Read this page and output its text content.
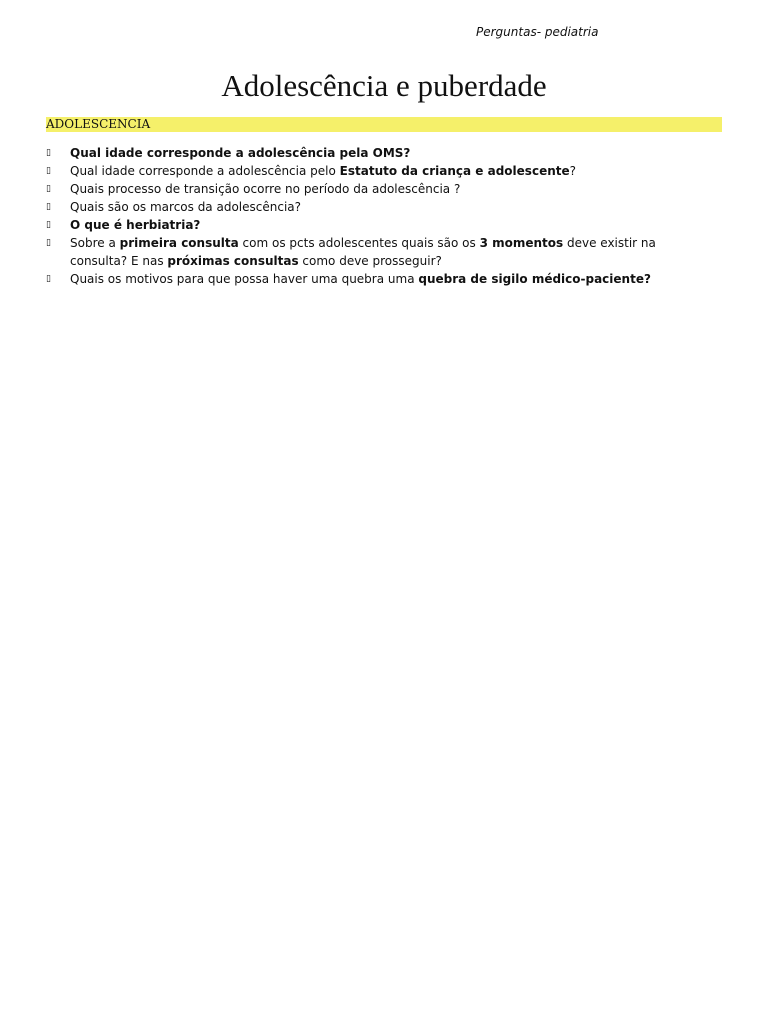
Perguntas- pediatria
Adolescência e puberdade
ADOLESCENCIA
▯	Qual idade corresponde a adolescência pela OMS?
▯	Qual idade corresponde a adolescência pelo Estatuto da criança e adolescente?
▯	Quais processo de transição ocorre no período da adolescência ?
▯	Quais são os marcos da adolescência?
▯	O que é herbiatria?
▯	Sobre a primeira consulta com os pcts adolescentes quais são os 3 momentos deve existir na consulta? E nas próximas consultas como deve prosseguir?
▯	Quais os motivos para que possa haver uma quebra uma quebra de sigilo médico-paciente?
